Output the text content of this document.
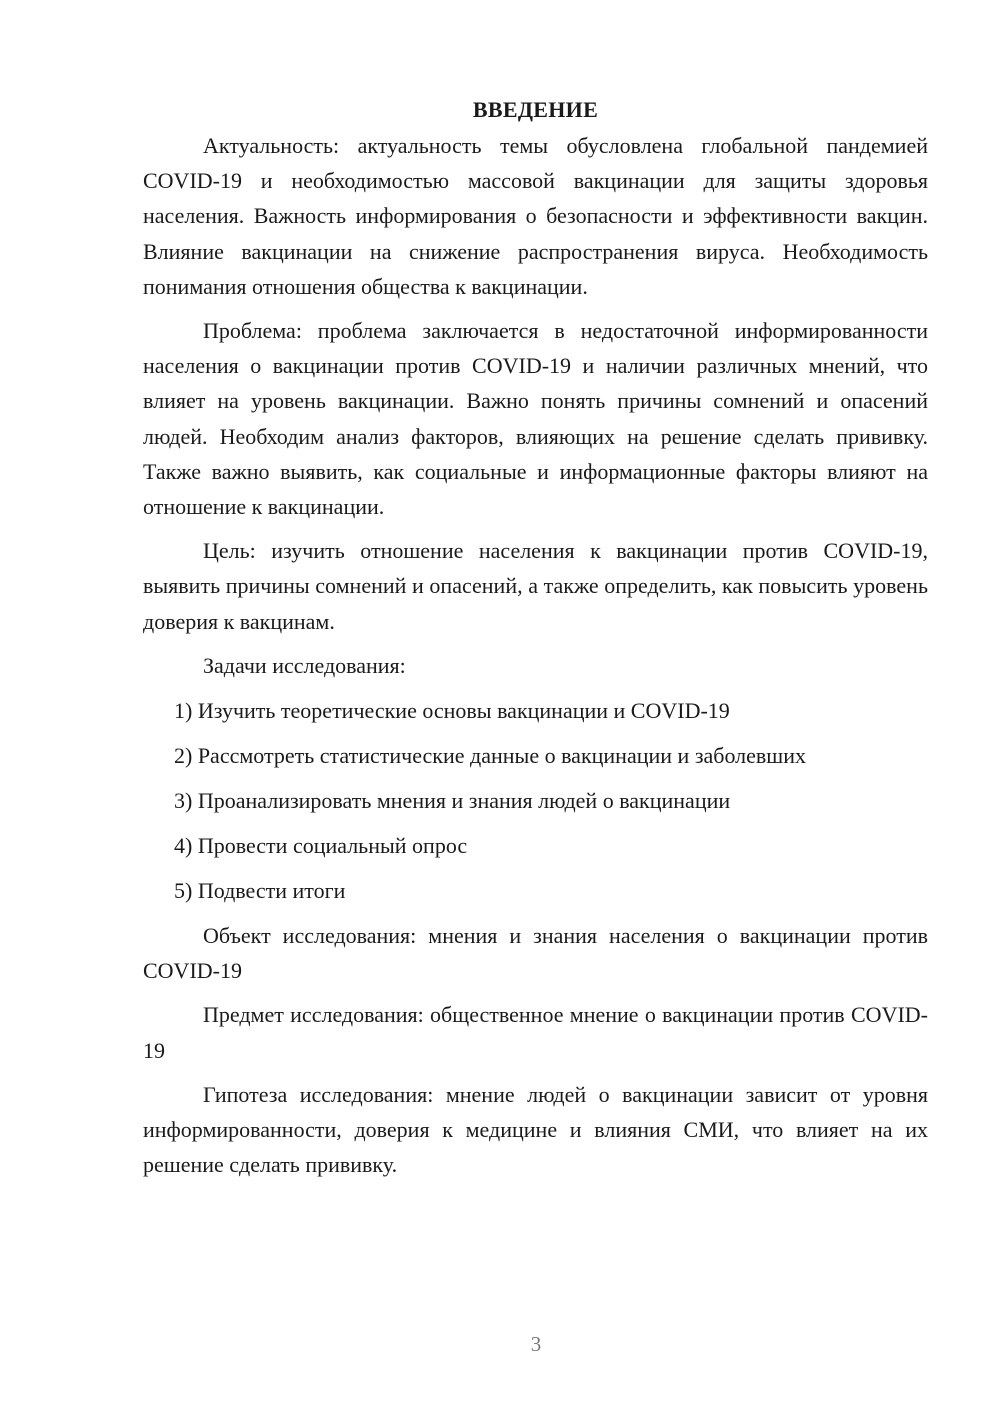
ВВЕДЕНИЕ

Актуальность: актуальность темы обусловлена глобальной пандемией COVID-19 и необходимостью массовой вакцинации для защиты здоровья населения. Важность информирования о безопасности и эффективности вакцин. Влияние вакцинации на снижение распространения вируса. Необходимость понимания отношения общества к вакцинации.

Проблема: проблема заключается в недостаточной информированности населения о вакцинации против COVID-19 и наличии различных мнений, что влияет на уровень вакцинации. Важно понять причины сомнений и опасений людей. Необходим анализ факторов, влияющих на решение сделать прививку. Также важно выявить, как социальные и информационные факторы влияют на отношение к вакцинации.

Цель: изучить отношение населения к вакцинации против COVID-19, выявить причины сомнений и опасений, а также определить, как повысить уровень доверия к вакцинам.

Задачи исследования:
1) Изучить теоретические основы вакцинации и COVID-19
2) Рассмотреть статистические данные о вакцинации и заболевших
3) Проанализировать мнения и знания людей о вакцинации
4) Провести социальный опрос
5) Подвести итоги

Объект исследования: мнения и знания населения о вакцинации против COVID-19

Предмет исследования: общественное мнение о вакцинации против COVID-19

Гипотеза исследования: мнение людей о вакцинации зависит от уровня информированности, доверия к медицине и влияния СМИ, что влияет на их решение сделать прививку.

3
